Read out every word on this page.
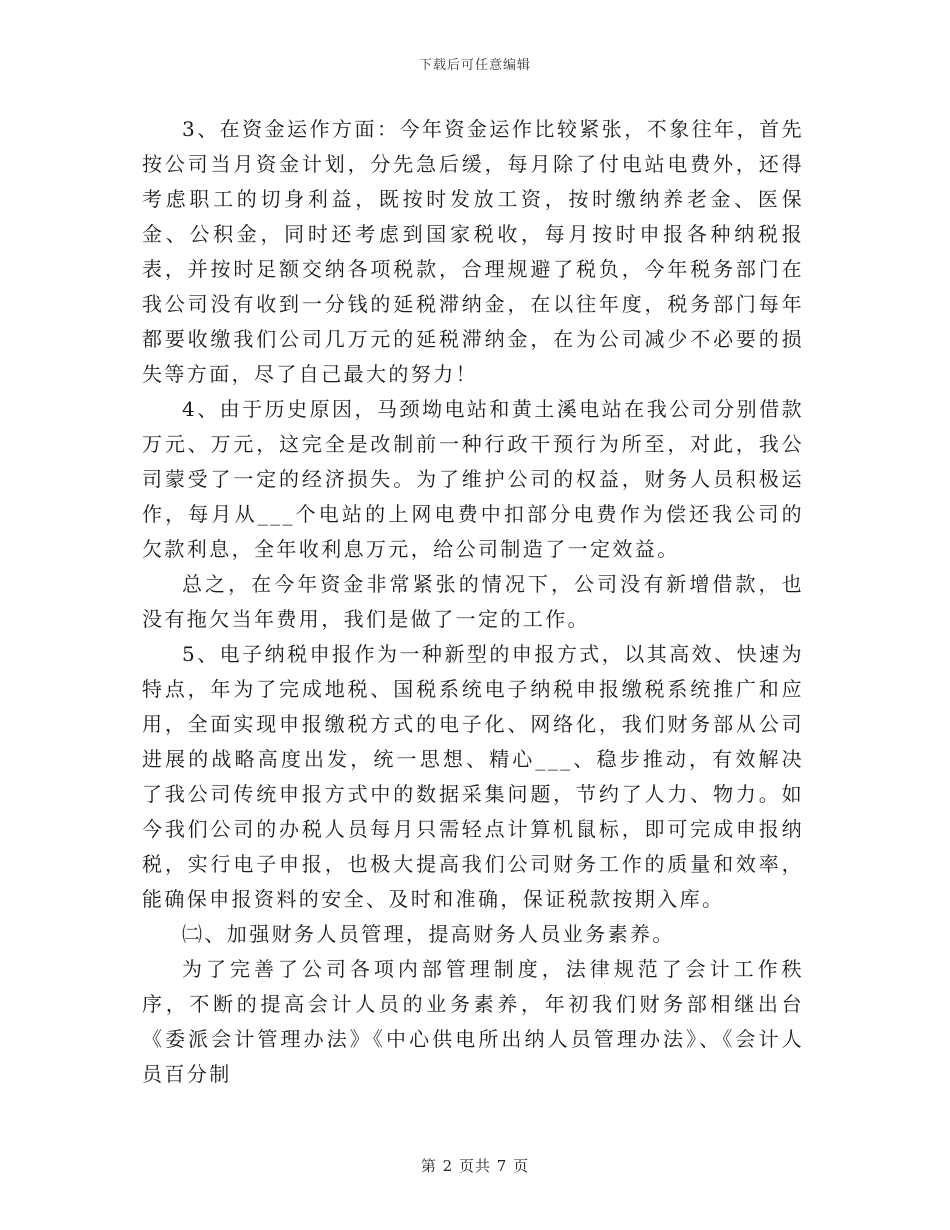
下载后可任意编辑

3、在资金运作方面：今年资金运作比较紧张，不象往年，首先按公司当月资金计划，分先急后缓，每月除了付电站电费外，还得考虑职工的切身利益，既按时发放工资，按时缴纳养老金、医保金、公积金，同时还考虑到国家税收，每月按时申报各种纳税报表，并按时足额交纳各项税款，合理规避了税负，今年税务部门在我公司没有收到一分钱的延税滞纳金，在以往年度，税务部门每年都要收缴我们公司几万元的延税滞纳金，在为公司减少不必要的损失等方面，尽了自己最大的努力！

4、由于历史原因，马颈坳电站和黄土溪电站在我公司分别借款万元、万元，这完全是改制前一种行政干预行为所至，对此，我公司蒙受了一定的经济损失。为了维护公司的权益，财务人员积极运作，每月从___个电站的上网电费中扣部分电费作为偿还我公司的欠款利息，全年收利息万元，给公司制造了一定效益。

总之，在今年资金非常紧张的情况下，公司没有新增借款，也没有拖欠当年费用，我们是做了一定的工作。

5、电子纳税申报作为一种新型的申报方式，以其高效、快速为特点，年为了完成地税、国税系统电子纳税申报缴税系统推广和应用，全面实现申报缴税方式的电子化、网络化，我们财务部从公司进展的战略高度出发，统一思想、精心___、稳步推动，有效解决了我公司传统申报方式中的数据采集问题，节约了人力、物力。如今我们公司的办税人员每月只需轻点计算机鼠标，即可完成申报纳税，实行电子申报，也极大提高我们公司财务工作的质量和效率，能确保申报资料的安全、及时和准确，保证税款按期入库。

㈡、加强财务人员管理，提高财务人员业务素养。

为了完善了公司各项内部管理制度，法律规范了会计工作秩序，不断的提高会计人员的业务素养，年初我们财务部相继出台《委派会计管理办法》《中心供电所出纳人员管理办法》、《会计人员百分制

第 2 页共 7 页
